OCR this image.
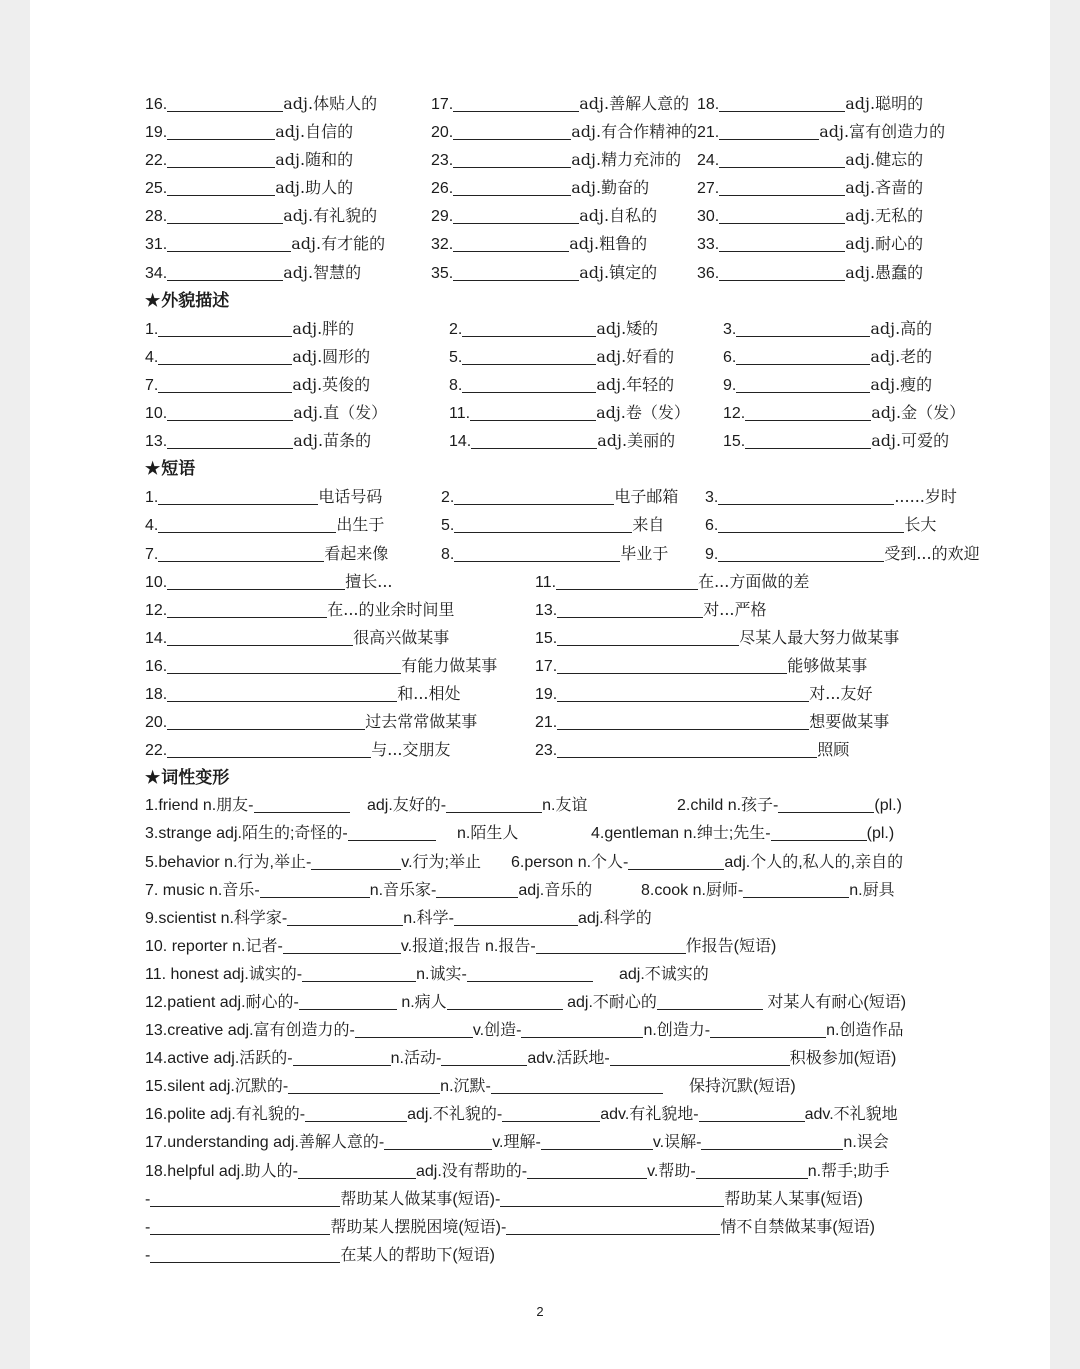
16.	adj.体贴人的	17.	adj.善解人意的 18.	adj.聪明的
19.	adj.自信的	20.	adj.有合作精神的 21.	adj.富有创造力的
22.	adj.随和的	23.	adj.精力充沛的 24.	adj.健忘的
25.	adj.助人的	26.	adj.勤奋的	27.	adj.吝啬的
28.	adj.有礼貌的	29.	adj.自私的 30.	adj.无私的
31.	adj.有才能的	32.	adj.粗鲁的	33.	adj.耐心的
34.	adj.智慧的	35.	adj.镇定的 36.	adj.愚蠢的
★外貌描述
1.	adj.胖的	2.	adj.矮的	3.	adj.高的
4.	adj.圆形的	5.	adj.好看的	6.	adj.老的
7.	adj.英俊的	8.	adj.年轻的	9.	adj.瘦的
10.	adj.直（发）	11.	adj.卷（发） 12.	adj.金（发）
13.	adj.苗条的	14.	adj.美丽的	15.	adj.可爱的
★短语
1.	电话号码	2.	电子邮箱 3.	......岁时
4.	出生于	5.	来自	6.	长大
7.	看起来像	8.	毕业于 9.	受到...的欢迎
10.	擅长...	11.	在...方面做的差
12.	在...的业余时间里	13.	对...严格
14.	很高兴做某事	15.	尽某人最大努力做某事
16.	有能力做某事 17.	能够做某事
18.	和...相处	19.	对...友好
20.	过去常常做某事	21.	想要做某事
22.	与...交朋友	23.	照顾
★词性变形
1.friend n.朋友-	adj.友好的-	n.友谊	2.child n.孩子-	(pl.)
3.strange adj.陌生的;奇怪的-	n.陌生人	4.gentleman n.绅士;先生-	(pl.)
5.behavior n.行为,举止-	v.行为;举止 6.person n.个人-	adj.个人的,私人的,亲自的
7. music n.音乐-	n.音乐家-	adj.音乐的	8.cook n.厨师-	n.厨具
9.scientist n.科学家-	n.科学-	adj.科学的
10. reporter n.记者-	v.报道;报告 n.报告-	作报告(短语)
11. honest adj.诚实的-	n.诚实-	adj.不诚实的
12.patient adj.耐心的-	n.病人	adj.不耐心的	对某人有耐心(短语)
13.creative adj.富有创造力的-	v.创造-	n.创造力-	n.创造作品
14.active adj.活跃的-	n.活动-	adv.活跃地-	积极参加(短语)
15.silent adj.沉默的-	n.沉默-	保持沉默(短语)
16.polite adj.有礼貌的-	adj.不礼貌的-	adv.有礼貌地-	adv.不礼貌地
17.understanding adj.善解人意的-	v.理解-	v.误解-	n.误会
18.helpful adj.助人的-	adj.没有帮助的-	v.帮助-	n.帮手;助手
-	帮助某人做某事(短语)-	帮助某人某事(短语)
-	帮助某人摆脱困境(短语)-	情不自禁做某事(短语)
-	在某人的帮助下(短语)
2
